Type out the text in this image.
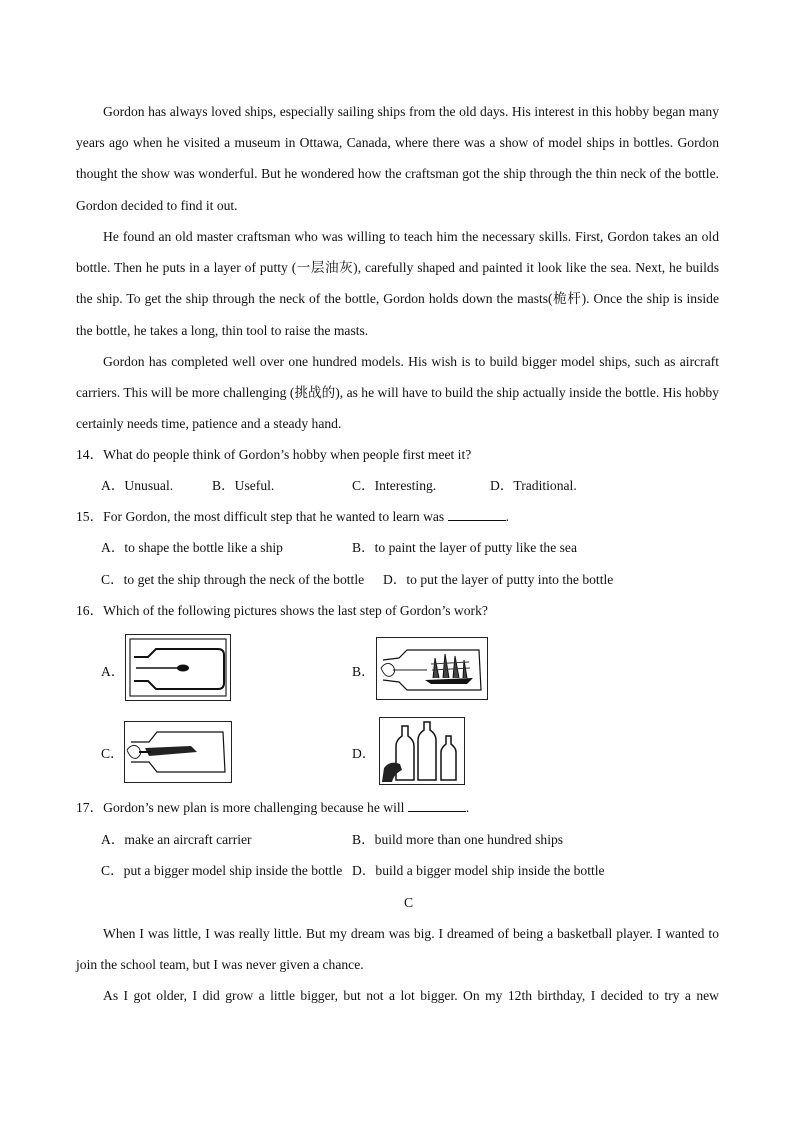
Gordon has always loved ships, especially sailing ships from the old days. His interest in this hobby began many years ago when he visited a museum in Ottawa, Canada, where there was a show of model ships in bottles. Gordon thought the show was wonderful. But he wondered how the craftsman got the ship through the thin neck of the bottle. Gordon decided to find it out.

He found an old master craftsman who was willing to teach him the necessary skills. First, Gordon takes an old bottle. Then he puts in a layer of putty (一层油灰), carefully shaped and painted it look like the sea. Next, he builds the ship. To get the ship through the neck of the bottle, Gordon holds down the masts(桅杆). Once the ship is inside the bottle, he takes a long, thin tool to raise the masts.

Gordon has completed well over one hundred models. His wish is to build bigger model ships, such as aircraft carriers. This will be more challenging (挑战的), as he will have to build the ship actually inside the bottle. His hobby certainly needs time, patience and a steady hand.

14．What do people think of Gordon’s hobby when people first meet it?
A．Unusual.	B．Useful.	C．Interesting.	D．Traditional.
15．For Gordon, the most difficult step that he wanted to learn was	.
A．to shape the bottle like a ship	B．to paint the layer of putty like the sea
C．to get the ship through the neck of the bottle D．to put the layer of putty into the bottle
16．Which of the following pictures shows the last step of Gordon’s work?
A．	B．
C．	D．
17．Gordon’s new plan is more challenging because he will	.
A．make an aircraft carrier	B．build more than one hundred ships
C．put a bigger model ship inside the bottle D．build a bigger model ship inside the bottle
C

When I was little, I was really little. But my dream was big. I dreamed of being a basketball player. I wanted to join the school team, but I was never given a chance.

As I got older, I did grow a little bigger, but not a lot bigger. On my 12th birthday, I decided to try a new
